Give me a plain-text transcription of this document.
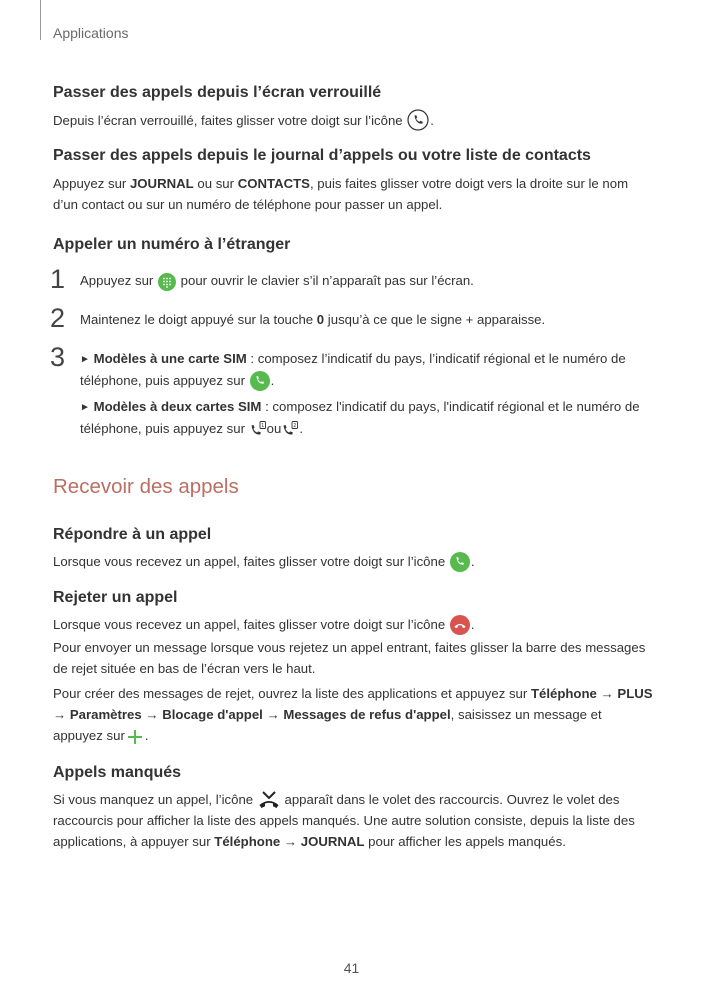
Applications
Passer des appels depuis l’écran verrouillé

Depuis l’écran verrouillé, faites glisser votre doigt sur l’icône .

Passer des appels depuis le journal d’appels ou votre liste de contacts

Appuyez sur JOURNAL ou sur CONTACTS, puis faites glisser votre doigt vers la droite sur le nom d’un contact ou sur un numéro de téléphone pour passer un appel.

Appeler un numéro à l’étranger
1 Appuyez sur pour ouvrir le clavier s’il n’apparaît pas sur l’écran.

2 Maintenez le doigt appuyé sur la touche 0 jusqu’à ce que le signe + apparaisse.

3 ► Modèles à une carte SIM : composez l’indicatif du pays, l’indicatif régional et le numéro de téléphone, puis appuyez sur .

► Modèles à deux cartes SIM : composez l'indicatif du pays, l'indicatif régional et le numéro de téléphone, puis appuyez sur	1 ou 2 .

Recevoir des appels
Répondre à un appel

Lorsque vous recevez un appel, faites glisser votre doigt sur l’icône .

Rejeter un appel

Lorsque vous recevez un appel, faites glisser votre doigt sur l’icône .

Pour envoyer un message lorsque vous rejetez un appel entrant, faites glisser la barre des messages de rejet située en bas de l’écran vers le haut.

Pour créer des messages de rejet, ouvrez la liste des applications et appuyez sur Téléphone → PLUS
→ Paramètres → Blocage d'appel → Messages de refus d'appel, saisissez un message et appuyez sur .

Appels manqués

Si vous manquez un appel, l’icône apparaît dans le volet des raccourcis. Ouvrez le volet des raccourcis pour afficher la liste des appels manqués. Une autre solution consiste, depuis la liste des applications, à appuyer sur Téléphone → JOURNAL pour afficher les appels manqués.

41
